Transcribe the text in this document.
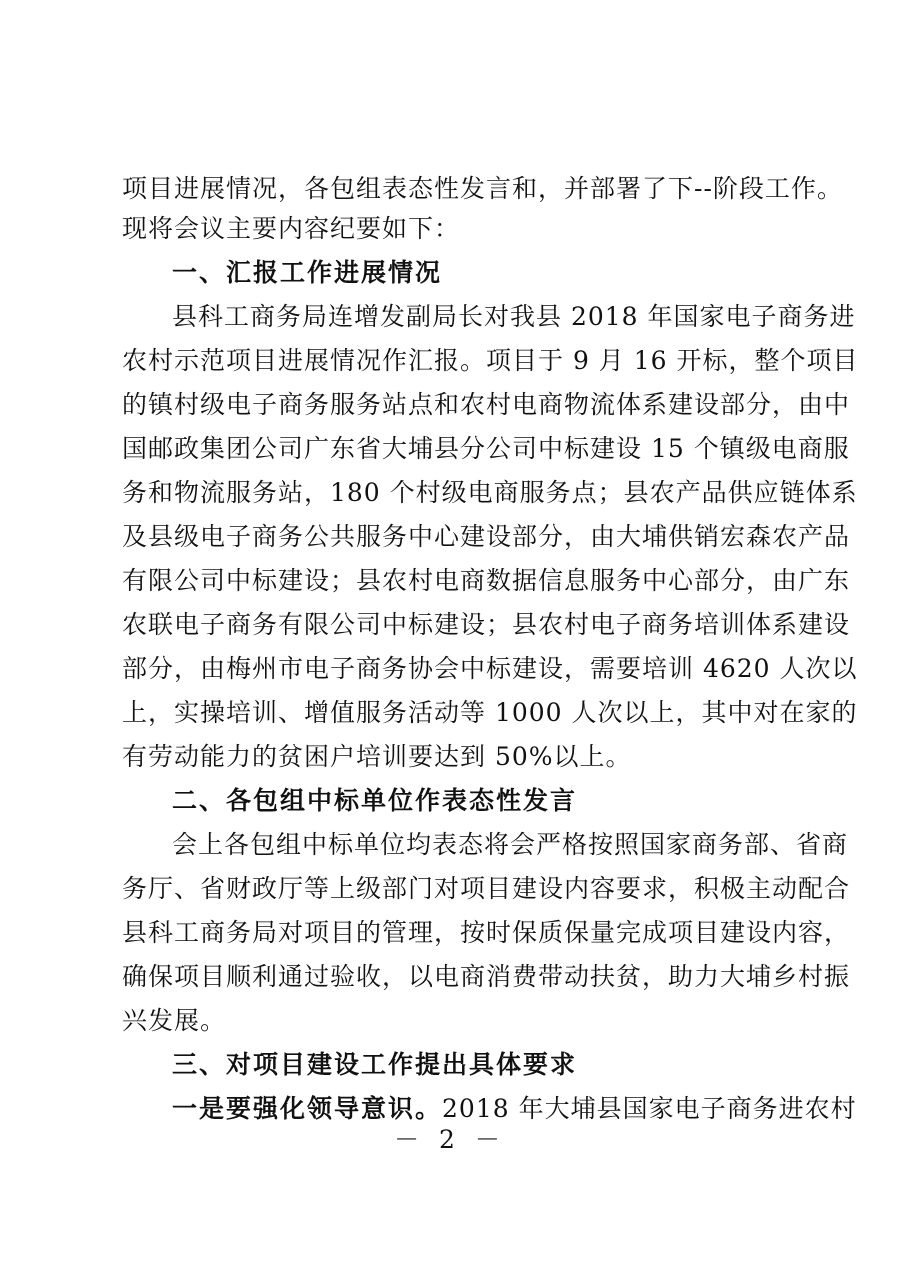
项目进展情况，各包组表态性发言和，并部署了下--阶段工作。
现将会议主要内容纪要如下：
一、汇报工作进展情况
县科工商务局连增发副局长对我县 2018 年国家电子商务进
农村示范项目进展情况作汇报。项目于 9 月 16 开标，整个项目
的镇村级电子商务服务站点和农村电商物流体系建设部分，由中
国邮政集团公司广东省大埔县分公司中标建设 15 个镇级电商服
务和物流服务站，180 个村级电商服务点；县农产品供应链体系
及县级电子商务公共服务中心建设部分，由大埔供销宏森农产品
有限公司中标建设；县农村电商数据信息服务中心部分，由广东
农联电子商务有限公司中标建设；县农村电子商务培训体系建设
部分，由梅州市电子商务协会中标建设，需要培训 4620 人次以
上，实操培训、增值服务活动等 1000 人次以上，其中对在家的
有劳动能力的贫困户培训要达到 50%以上。
二、各包组中标单位作表态性发言
会上各包组中标单位均表态将会严格按照国家商务部、省商
务厅、省财政厅等上级部门对项目建设内容要求，积极主动配合
县科工商务局对项目的管理，按时保质保量完成项目建设内容，
确保项目顺利通过验收，以电商消费带动扶贫，助力大埔乡村振
兴发展。
三、对项目建设工作提出具体要求
一是要强化领导意识。2018 年大埔县国家电子商务进农村
－ 2 －
